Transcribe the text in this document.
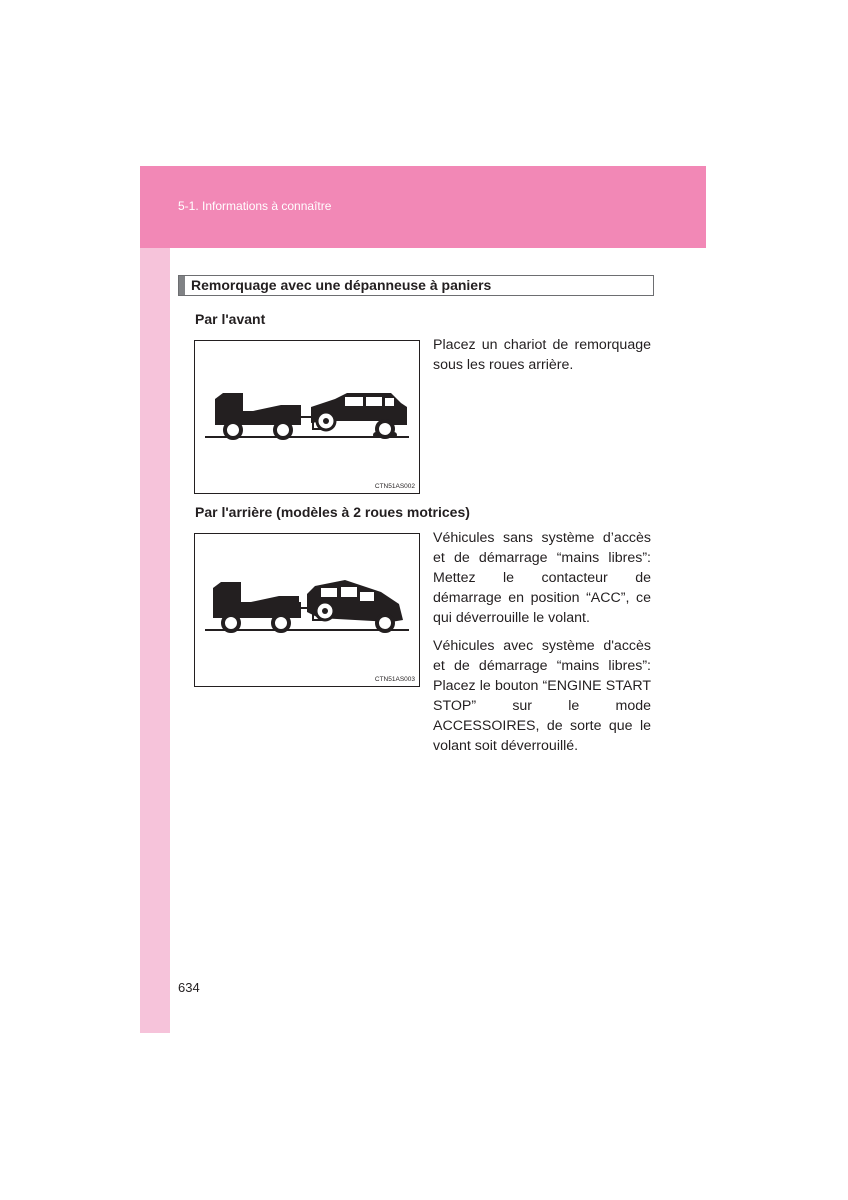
5-1. Informations à connaître
Remorquage avec une dépanneuse à paniers
Par l'avant
CTN51AS002
Placez un chariot de remorquage sous les roues arrière.
Par l'arrière (modèles à 2 roues motrices)
CTN51AS003
Véhicules sans système d’accès et de démarrage “mains libres”: Mettez le contacteur de démarrage en position “ACC”, ce qui déverrouille le volant.
Véhicules avec système d'accès et de démarrage “mains libres”: Placez le bouton “ENGINE START STOP” sur le mode ACCESSOIRES, de sorte que le volant soit déverrouillé.
634
